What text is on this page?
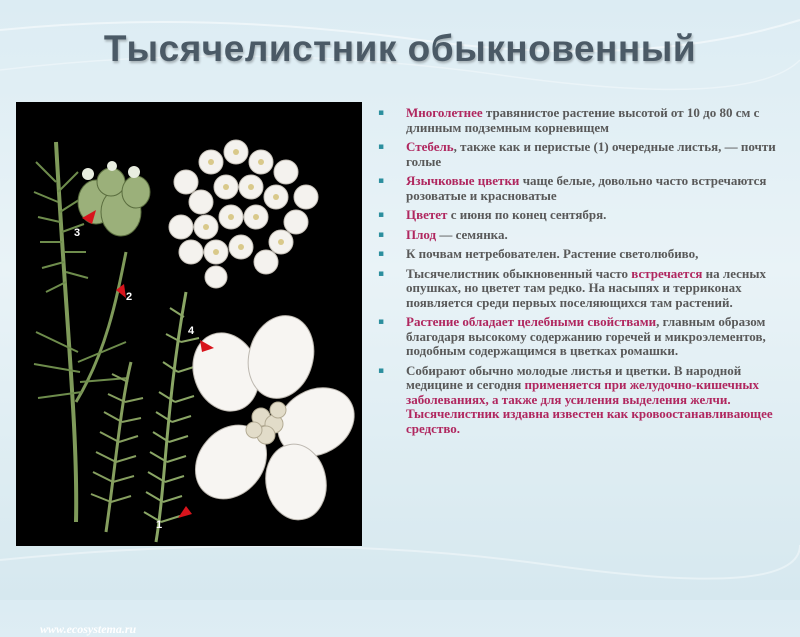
Тысячелистник обыкновенный
3
2
4
1
www.ecosystema.ru
▪ Многолетнее травянистое растение высотой от 10 до 80 см с длинным подземным корневищем
▪ Стебель, также как и перистые (1) очередные листья, — почти голые
▪ Язычковые цветки чаще белые, довольно часто встречаются розоватые и красноватые
▪ Цветет с июня по конец сентября.
▪ Плод — семянка.
▪ К почвам нетребователен. Растение светолюбиво,
▪ Тысячелистник обыкновенный часто встречается на лесных опушках, но цветет там редко. На насыпях и терриконах появляется среди первых поселяющихся там растений.
▪ Растение обладает целебными свойствами, главным образом благодаря высокому содержанию горечей и микроэлементов, подобным содержащимся в цветках ромашки.
▪ Собирают обычно молодые листья и цветки. В народной медицине и сегодня применяется при желудочно-кишечных заболеваниях, а также для усиления выделения желчи. Тысячелистник издавна известен как кровоостанавливающее средство.
